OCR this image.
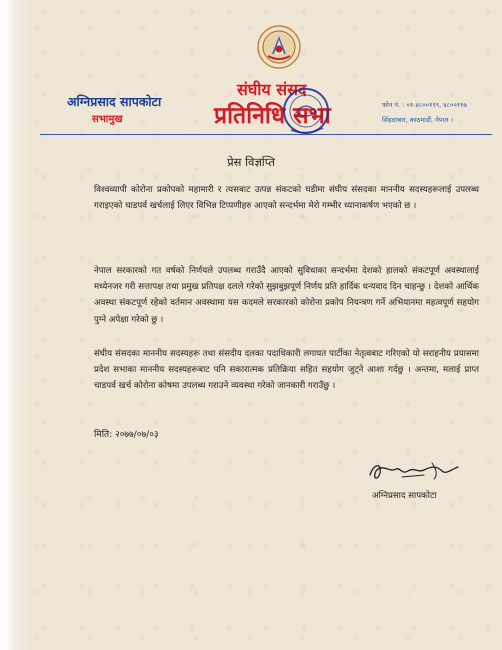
संघीय संसद
प्रतिनिधि सभा
अग्निप्रसाद सापकोटा
सभामुख
फोन नं. : ०१-४८००१९९, ४८००११७
सिंहदरबार, काठमाडौं, नेपाल ।
प्रेस विज्ञप्ति

विश्वव्यापी कोरोना प्रकोपको महामारी र त्यसबाट उत्पन्न संकटको घडीमा संघीय संसदका माननीय सदस्यहरूलाई उपलब्ध गराइएको चाडपर्व खर्चलाई लिएर विभिन्न टिप्पणीहरु आएको सन्दर्भमा मेरो गम्भीर ध्यानाकर्षण भएको छ ।

नेपाल सरकारको गत वर्षको निर्णयले उपलब्ध गराउँदै आएको सुविधाका सन्दर्भमा देशको हालको संकटपूर्ण अवस्थालाई मध्येनजर गरी सत्तापक्ष तथा प्रमुख प्रतिपक्ष दलले गरेको सुझबुझपूर्ण निर्णय प्रति हार्दिक धन्यवाद दिन चाहन्छु । देशको आर्थिक अवस्था संकटपूर्ण रहेको वर्तमान अवस्थामा यस कदमले सरकारको कोरोना प्रकोप नियन्त्रण गर्ने अभियानमा महत्वपूर्ण सहयोग पुग्ने अपेक्षा गरेको छु ।

संघीय संसदका माननीय सदस्यहरू तथा संसदीय दलका पदाधिकारी लगायत पार्टीका नेतृत्वबाट गरिएको यो सराहनीय प्रयासमा प्रदेश सभाका माननीय सदस्यहरूबाट पनि सकारात्मक प्रतिक्रिया सहित सहयोग जुट्ने आशा गर्दछु । अन्तमा, मलाई प्राप्त चाडपर्व खर्च कोरोना कोषमा उपलब्ध गराउने व्यवस्था गरेको जानकारी गराउँछु ।

मिति: २०७७/०७/०३
अग्निप्रसाद सापकोटा
